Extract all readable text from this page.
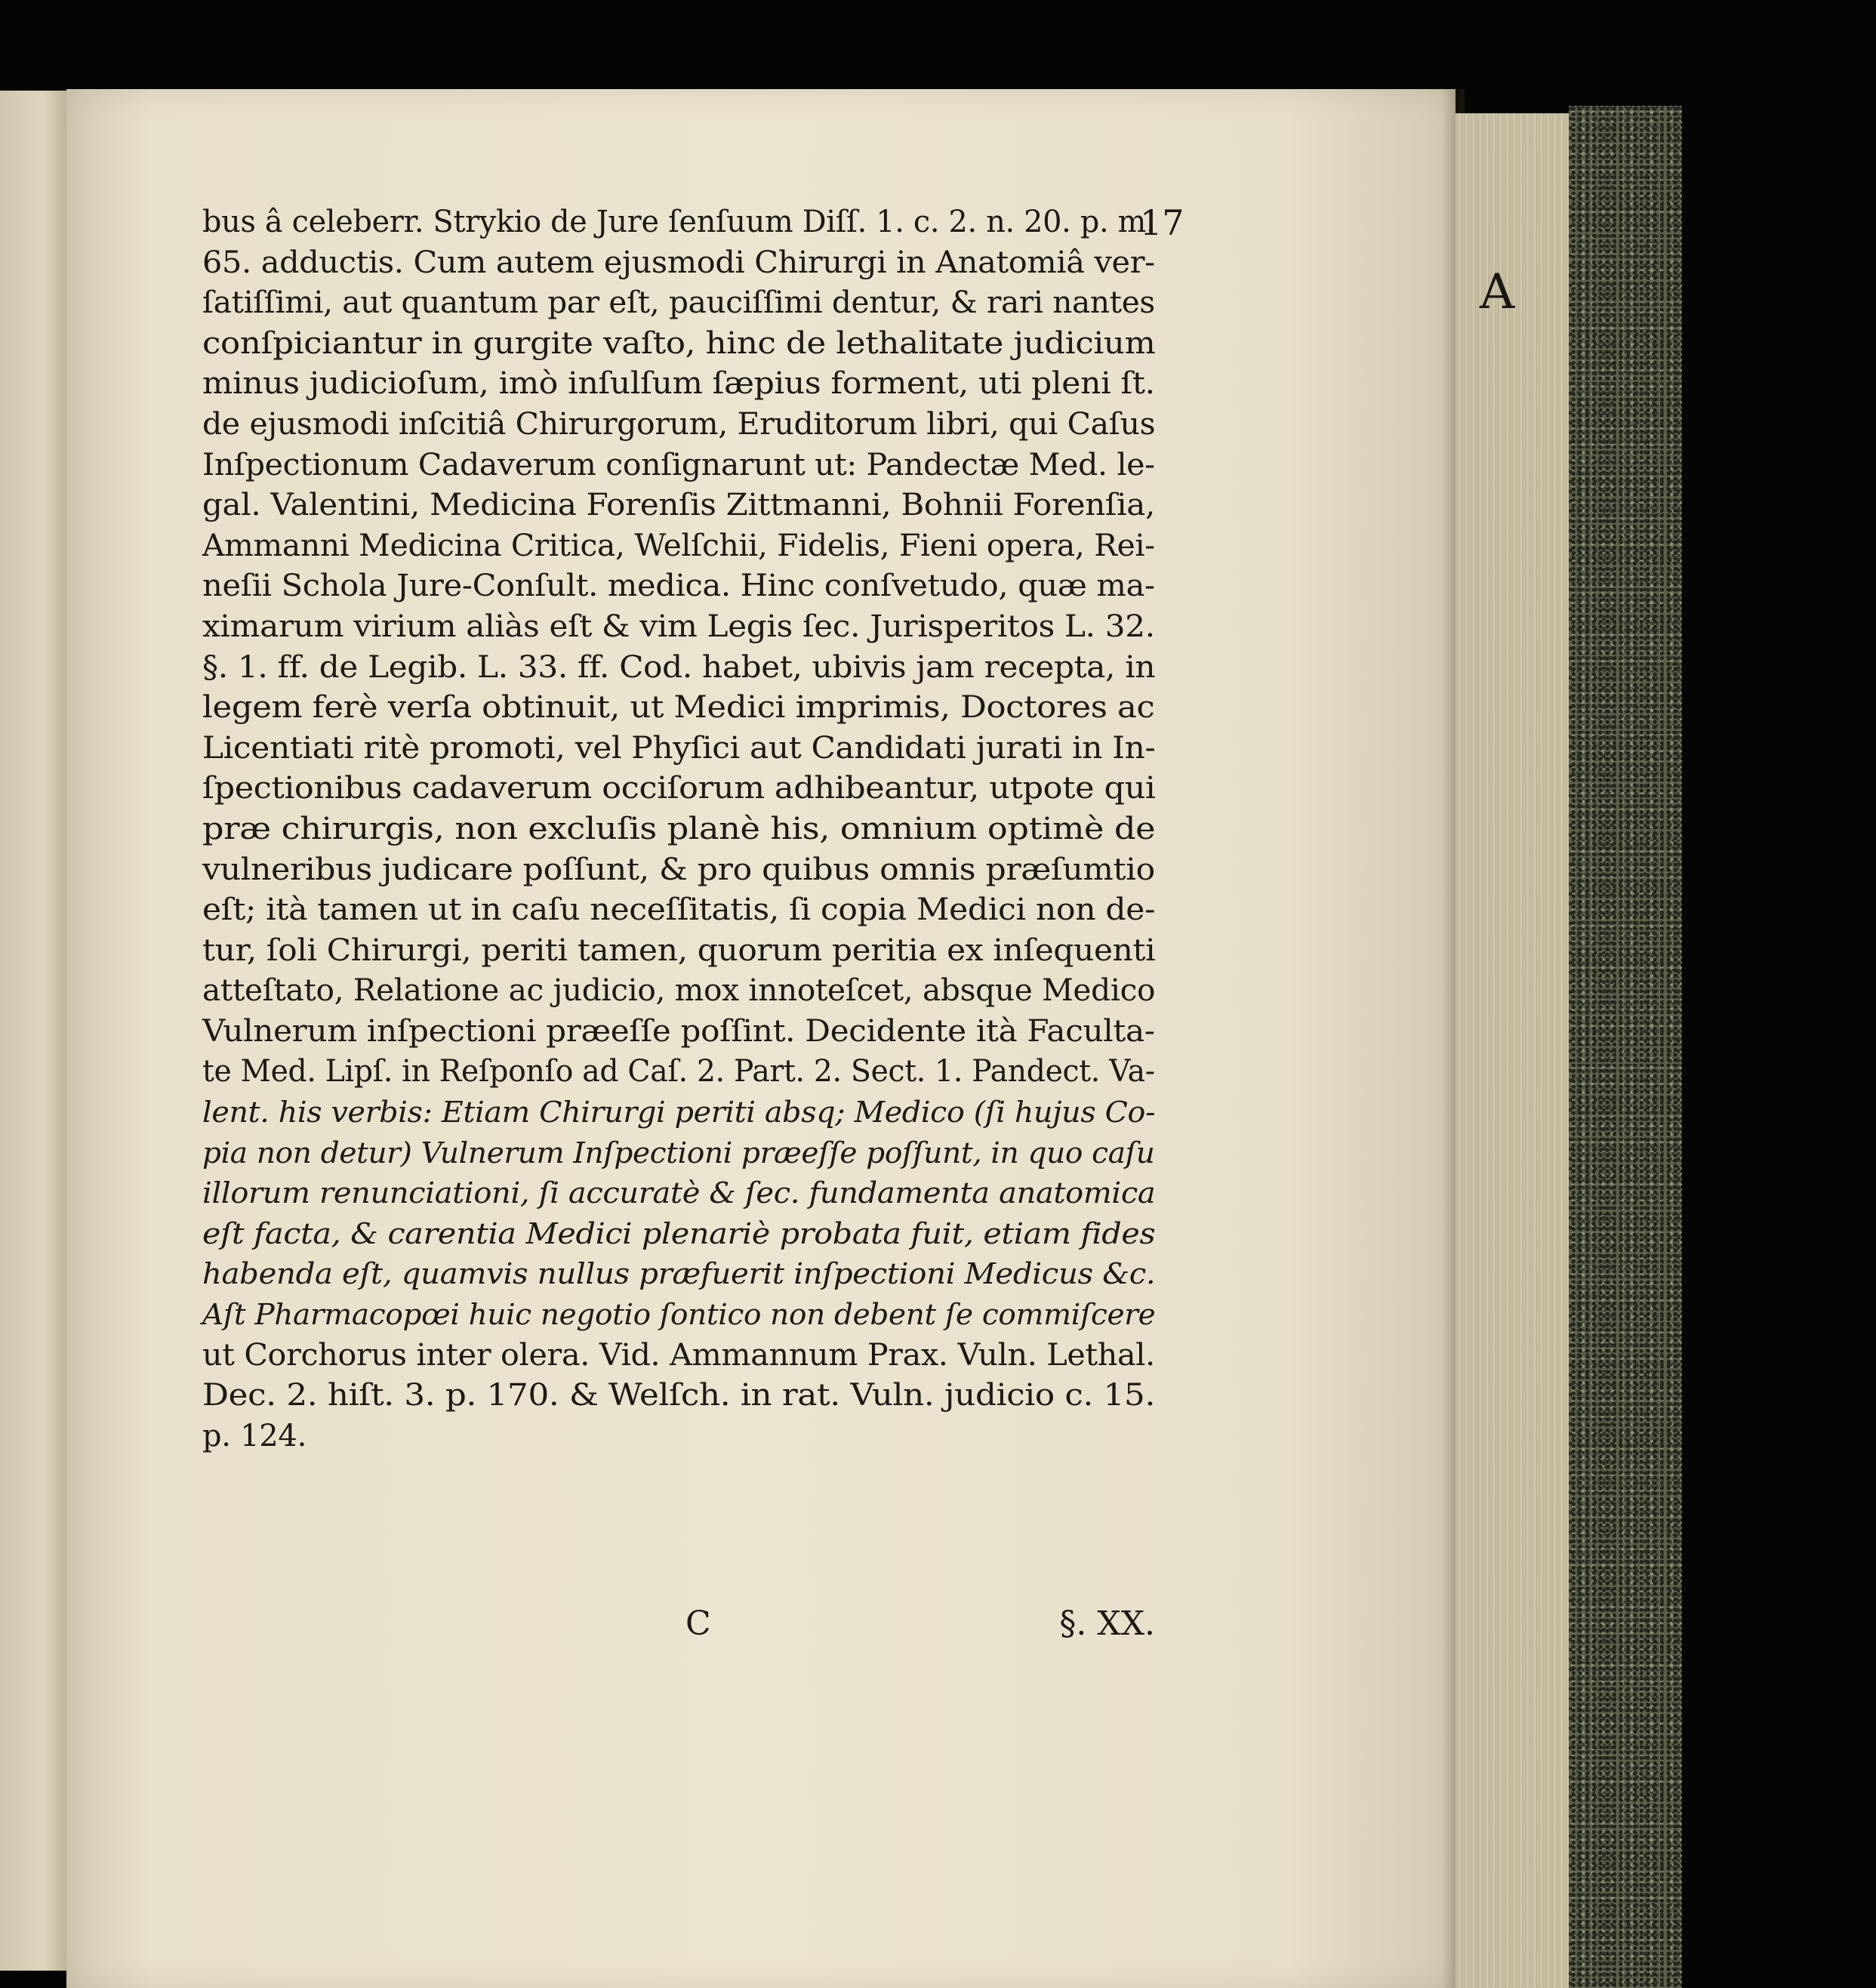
A
17
bus â celeberr. Strykio de Jure ſenſuum Diſſ. 1. c. 2. n. 20. p. m.
65. adductis. Cum autem ejusmodi Chirurgi in Anatomiâ ver-
ſatiſſimi, aut quantum par eſt, pauciſſimi dentur, & rari nantes
conſpiciantur in gurgite vaſto, hinc de lethalitate judicium
minus judicioſum, imò inſulſum ſæpius forment, uti pleni ſt.
de ejusmodi inſcitiâ Chirurgorum, Eruditorum libri, qui Caſus
Inſpectionum Cadaverum conſignarunt ut: Pandectæ Med. le-
gal. Valentini, Medicina Forenſis Zittmanni, Bohnii Forenſia,
Ammanni Medicina Critica, Welſchii, Fidelis, Fieni opera, Rei-
neſii Schola Jure-Conſult. medica. Hinc conſvetudo, quæ ma-
ximarum virium aliàs eſt & vim Legis ſec. Jurisperitos L. 32.
§. 1. ff. de Legib. L. 33. ff. Cod. habet, ubivis jam recepta, in
legem ferè verſa obtinuit, ut Medici imprimis, Doctores ac
Licentiati ritè promoti, vel Phyſici aut Candidati jurati in In-
ſpectionibus cadaverum occiſorum adhibeantur, utpote qui
præ chirurgis, non excluſis planè his, omnium optimè de
vulneribus judicare poſſunt, & pro quibus omnis præſumtio
eſt; ità tamen ut in caſu neceſſitatis, ſi copia Medici non de-
tur, ſoli Chirurgi, periti tamen, quorum peritia ex inſequenti
atteſtato, Relatione ac judicio, mox innoteſcet, absque Medico
Vulnerum inſpectioni præeſſe poſſint. Decidente ità Faculta-
te Med. Lipſ. in Reſponſo ad Caſ. 2. Part. 2. Sect. 1. Pandect. Va-
lent. his verbis: Etiam Chirurgi periti absq; Medico (ſi hujus Co-
pia non detur) Vulnerum Inſpectioni præeſſe poſſunt, in quo caſu
illorum renunciationi, ſi accuratè & ſec. fundamenta anatomica
eſt facta, & carentia Medici plenariè probata fuit, etiam fides
habenda eſt, quamvis nullus præfuerit inſpectioni Medicus &c.
Aſt Pharmacopœi huic negotio ſontico non debent ſe commiſcere
ut Corchorus inter olera. Vid. Ammannum Prax. Vuln. Lethal.
Dec. 2. hiſt. 3. p. 170. & Welſch. in rat. Vuln. judicio c. 15.
p. 124.
C	§. XX.
